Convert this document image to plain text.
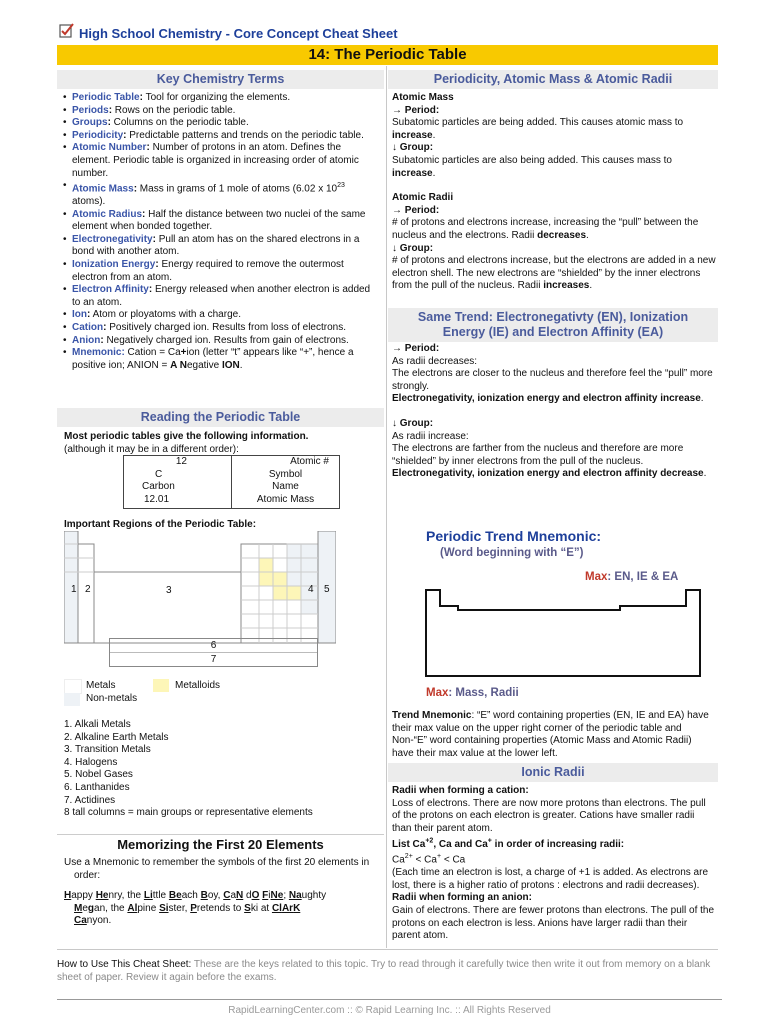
High School Chemistry - Core Concept Cheat Sheet
14: The Periodic Table
Key Chemistry Terms
• Periodic Table: Tool for organizing the elements.
• Periods: Rows on the periodic table.
• Groups: Columns on the periodic table.
• Periodicity: Predictable patterns and trends on the periodic table.
• Atomic Number: Number of protons in an atom. Defines the element. Periodic table is organized in increasing order of atomic number.
• Atomic Mass: Mass in grams of 1 mole of atoms (6.02 x $10^{23}$ atoms).
• Atomic Radius: Half the distance between two nuclei of the same element when bonded together.
• Electronegativity: Pull an atom has on the shared electrons in a bond with another atom.
• Ionization Energy: Energy required to remove the outermost electron from an atom.
• Electron Affinity: Energy released when another electron is added to an atom.
• Ion: Atom or ployatoms with a charge.
• Cation: Positively charged ion. Results from loss of electrons.
• Anion: Negatively charged ion. Results from gain of electrons.
• Mnemonic: Cation = Ca+ion (letter “t” appears like “+”, hence a positive ion; ANION = A Negative ION.
Reading the Periodic Table

Most periodic tables give the following information.

(although it may be in a different order):

12
C
Carbon
12.01
Atomic #
Symbol
Name
Atomic Mass
Important Regions of the Periodic Table:
1 2	3	4 5
6
7
Metals
Non-metals
Metalloids

1. Alkali Metals

2. Alkaline Earth Metals

3. Transition Metals

4. Halogens

5. Nobel Gases

6. Lanthanides

7. Actidines

8 tall columns = main groups or representative elements

Memorizing the First 20 Elements

Use a Mnemonic to remember the symbols of the first 20 elements in order:

Happy Henry, the Little Beach Boy, CaN dO FiNe; Naughty

Megan, the Alpine Sister, Pretends to Ski at ClArK

Canyon.

Periodicity, Atomic Mass & Atomic Radii

Atomic Mass

→ Period:

Subatomic particles are being added. This causes atomic mass to increase.

↓ Group:

Subatomic particles are also being added. This causes mass to increase.

Atomic Radii

→ Period:

# of protons and electrons increase, increasing the “pull” between the nucleus and the electrons. Radii decreases.

↓ Group:

# of protons and electrons increase, but the electrons are added in a new electron shell. The new electrons are “shielded” by the inner electrons from the pull of the nucleus. Radii increases.

Same Trend: Electronegativty (EN), Ionization
Energy (IE) and Electron Affinity (EA)

→ Period:

As radii decreases:

The electrons are closer to the nucleus and therefore feel the “pull” more strongly.

Electronegativity, ionization energy and electron affinity increase.

↓ Group:

As radii increase:

The electrons are farther from the nucleus and therefore are more “shielded” by inner electrons from the pull of the nucleus.

Electronegativity, ionization energy and electron affinity decrease.

Periodic Trend Mnemonic:
(Word beginning with “E”)
Max: EN, IE & EA
Max: Mass, Radii

Trend Mnemonic: “E” word containing properties (EN, IE and EA) have their max value on the upper right corner of the periodic table and Non-“E” word containing properties (Atomic Mass and Atomic Radii) have their max value at the lower left.

Ionic Radii

Radii when forming a cation:

Loss of electrons. There are now more protons than electrons. The pull of the protons on each electron is greater. Cations have smaller radii than their parent atom.

List $Ca^{+2}$, Ca and Ca+ in order of increasing radii:

$Ca^{2+} < Ca^+ < Ca$

(Each time an electron is lost, a charge of +1 is added. As electrons are lost, there is a higher ratio of protons : electrons and radii decreases).

Radii when forming an anion:

Gain of electrons. There are fewer protons than electrons. The pull of the protons on each electron is less. Anions have larger radii than their parent atom.

How to Use This Cheat Sheet: These are the keys related to this topic. Try to read through it carefully twice then write it out from memory on a blank sheet of paper. Review it again before the exams.
RapidLearningCenter.com :: © Rapid Learning Inc. :: All Rights Reserved
